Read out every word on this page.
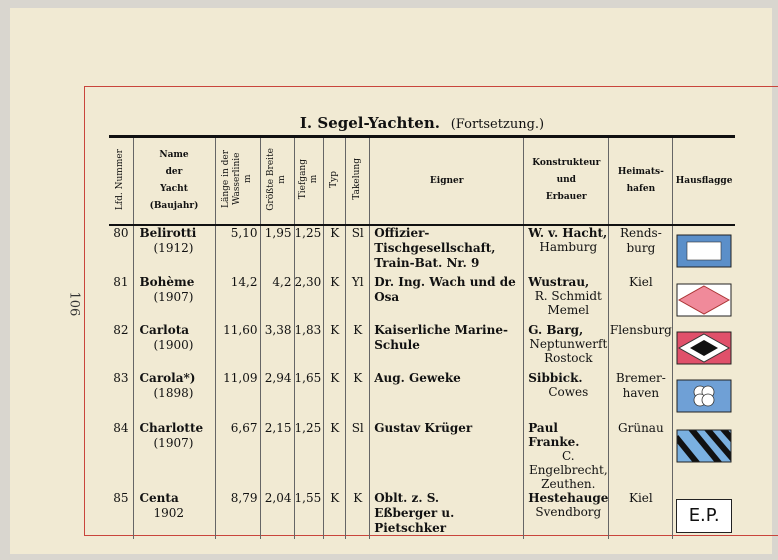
106
I. Segel-Yachten. (Fortsetzung.)
Lfd. Nummer	Name
der
Yacht
(Baujahr)	Länge in der
Wasserlinie
m	Größte Breite
m	Tiefgang
m	Typ	Takelung	Eigner	Konstrukteur
und
Erbauer	Heimats-
hafen	Hausflagge
80	Belirotti
(1912)	5,10	1,95	1,25	K	Sl	Offizier-Tischgesellschaft,
Train-Bat. Nr. 9	W. v. Hacht,
Hamburg	Rends-
burg	
81	Bohème
(1907)	14,2	4,2	2,30	K	Yl	Dr. Ing. Wach und de Osa	Wustrau,
R. Schmidt
Memel	Kiel	
82	Carlota
(1900)	11,60	3,38	1,83	K	K	Kaiserliche Marine-
Schule	G. Barg,
Neptunwerft
Rostock	Flensburg	
83	Carola*)
(1898)	11,09	2,94	1,65	K	K	Aug. Geweke	Sibbick.
Cowes	Bremer-
haven	
84	Charlotte
(1907)	6,67	2,15	1,25	K	Sl	Gustav Krüger	Paul Franke.
C. Engelbrecht,
Zeuthen.	Grünau	
85	Centa
1902	8,79	2,04	1,55	K	K	Oblt. z. S.
Eßberger u. Pietschker	Hestehauge
Svendborg	Kiel	E.P.
